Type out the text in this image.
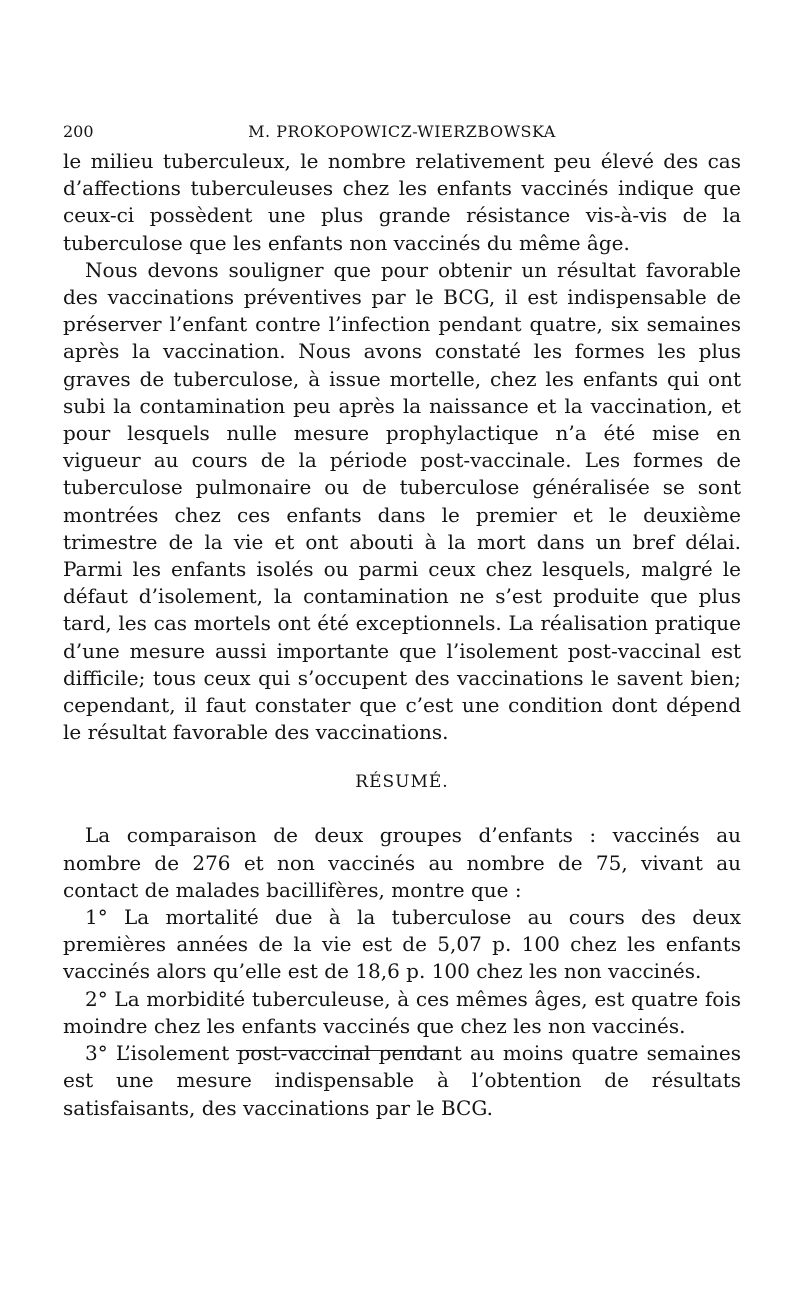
200	M. PROKOPOWICZ-WIERZBOWSKA

le milieu tuberculeux, le nombre relativement peu élevé des cas d’affections tuberculeuses chez les enfants vaccinés indique que ceux-ci possèdent une plus grande résistance vis-à-vis de la tuberculose que les enfants non vaccinés du même âge.

Nous devons souligner que pour obtenir un résultat favorable des vaccinations préventives par le BCG, il est indispensable de préserver l’enfant contre l’infection pendant quatre, six semaines après la vaccination. Nous avons constaté les formes les plus graves de tuberculose, à issue mortelle, chez les enfants qui ont subi la contamination peu après la naissance et la vaccination, et pour lesquels nulle mesure prophylactique n’a été mise en vigueur au cours de la période post-vaccinale. Les formes de tuberculose pulmonaire ou de tuberculose généralisée se sont montrées chez ces enfants dans le premier et le deuxième trimestre de la vie et ont abouti à la mort dans un bref délai. Parmi les enfants isolés ou parmi ceux chez lesquels, malgré le défaut d’isolement, la contamination ne s’est produite que plus tard, les cas mortels ont été exceptionnels. La réalisation pratique d’une mesure aussi importante que l’isolement post-vaccinal est difficile; tous ceux qui s’occupent des vaccinations le savent bien; cependant, il faut constater que c’est une condition dont dépend le résultat favorable des vaccinations.

RÉSUMÉ.

La comparaison de deux groupes d’enfants : vaccinés au nombre de 276 et non vaccinés au nombre de 75, vivant au contact de malades bacillifères, montre que :

1° La mortalité due à la tuberculose au cours des deux premières années de la vie est de 5,07 p. 100 chez les enfants vaccinés alors qu’elle est de 18,6 p. 100 chez les non vaccinés.

2° La morbidité tuberculeuse, à ces mêmes âges, est quatre fois moindre chez les enfants vaccinés que chez les non vaccinés.

3° L’isolement post-vaccinal pendant au moins quatre semaines est une mesure indispensable à l’obtention de résultats satisfaisants, des vaccinations par le BCG.
